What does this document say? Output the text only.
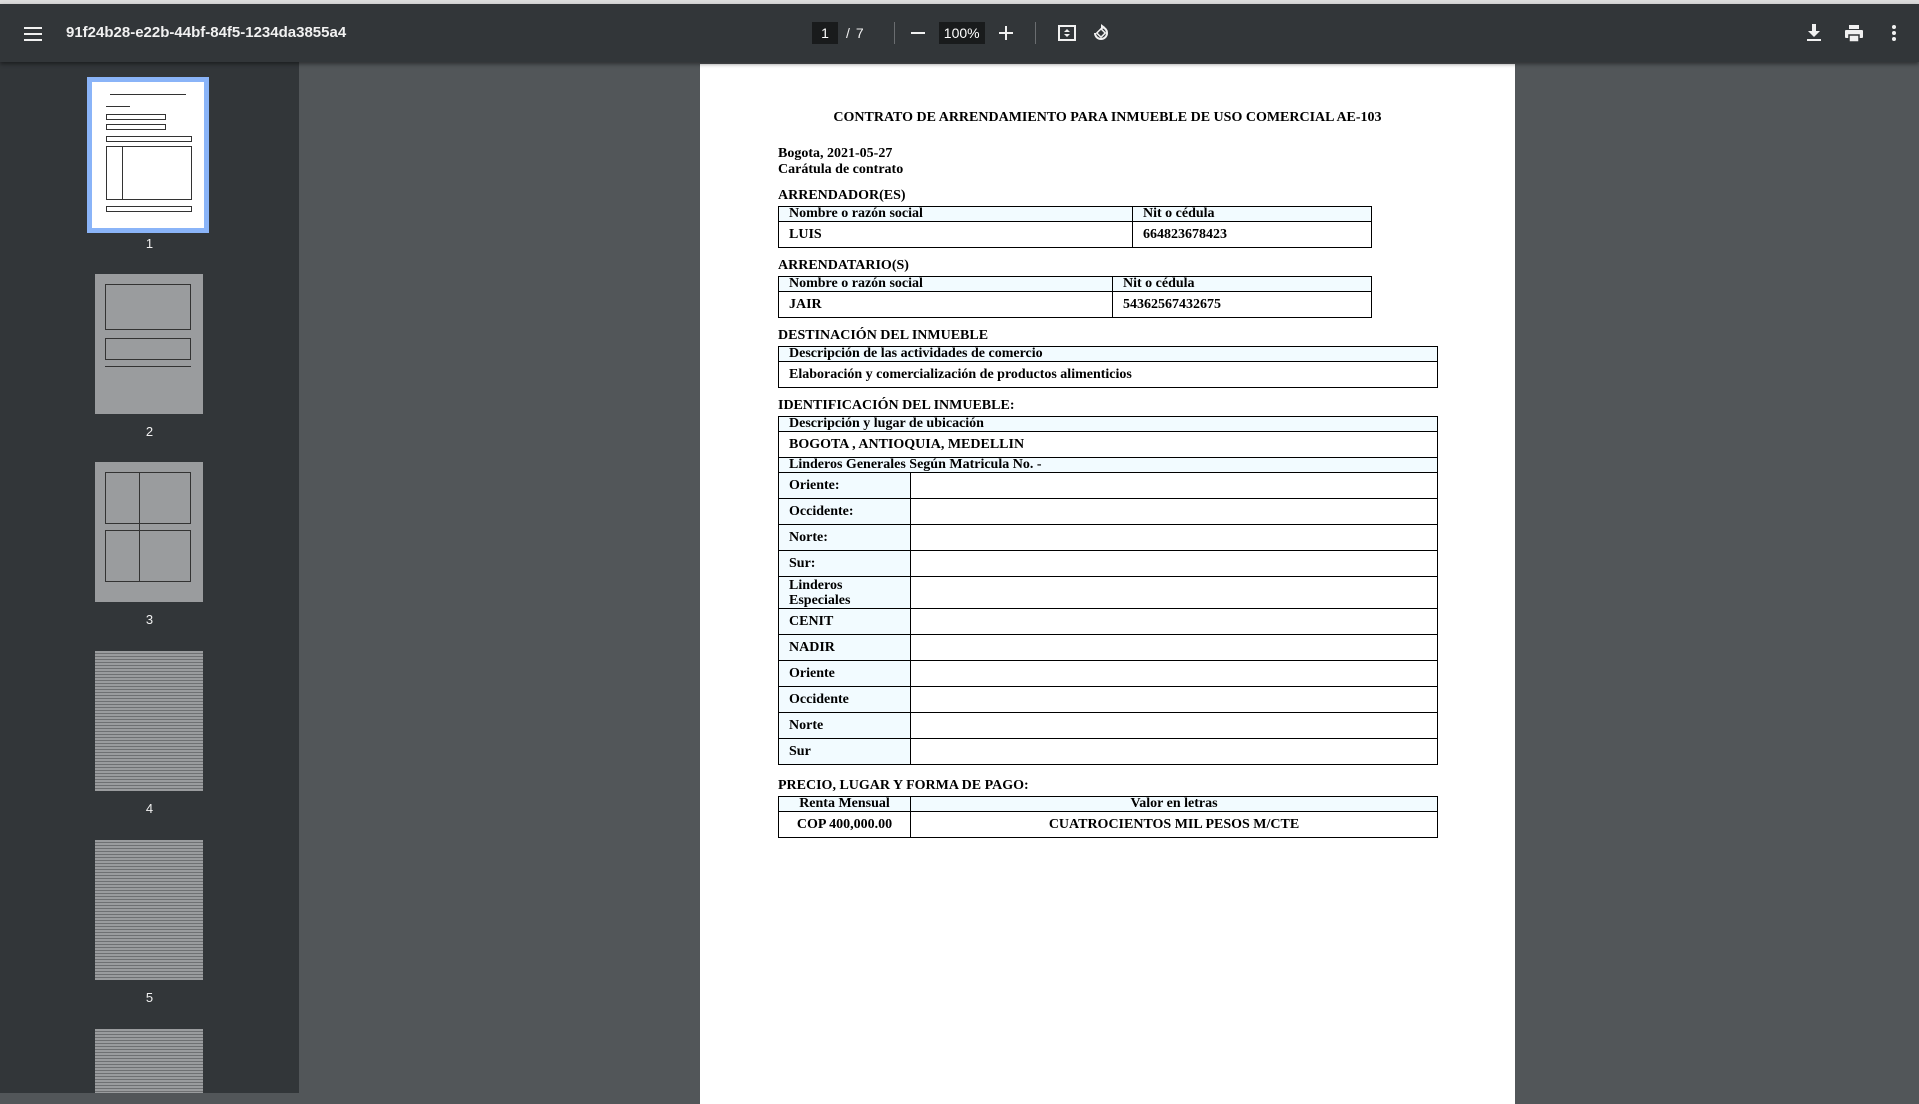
91f24b28-e22b-44bf-84f5-1234da3855a4	1	/ 7	100%
1
2
3
4
5
CONTRATO DE ARRENDAMIENTO PARA INMUEBLE DE USO COMERCIAL AE-103
Bogota, 2021-05-27
Carátula de contrato
ARRENDADOR(ES)
Nombre o razón social	Nit o cédula
LUIS	664823678423
ARRENDATARIO(S)
Nombre o razón social	Nit o cédula
JAIR	54362567432675
DESTINACIÓN DEL INMUEBLE
Descripción de las actividades de comercio
Elaboración y comercialización de productos alimenticios
IDENTIFICACIÓN DEL INMUEBLE:
Descripción y lugar de ubicación	
BOGOTA , ANTIOQUIA, MEDELLIN	
Linderos Generales Según Matricula No. -	
Oriente:	
Occidente:	
Norte:	
Sur:	
Linderos Especiales	
CENIT	
NADIR	
Oriente	
Occidente	
Norte	
Sur	
PRECIO, LUGAR Y FORMA DE PAGO:
Renta Mensual	Valor en letras
COP 400,000.00	CUATROCIENTOS MIL PESOS M/CTE
